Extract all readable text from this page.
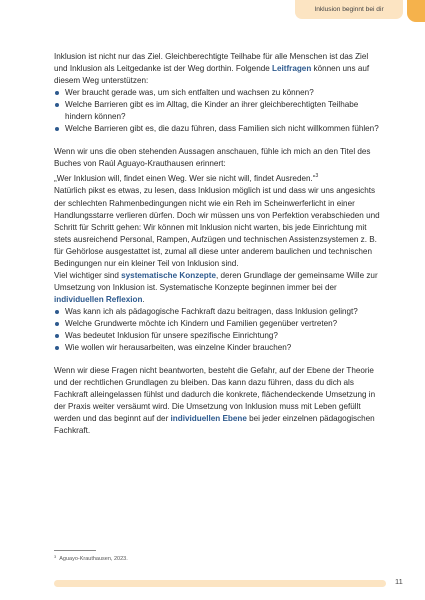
Inklusion beginnt bei dir

Inklusion ist nicht nur das Ziel. Gleichberechtigte Teilhabe für alle Menschen ist das Ziel und Inklusion als Leitgedanke ist der Weg dorthin. Folgende Leitfragen können uns auf diesem Weg unterstützen:

Wer braucht gerade was, um sich entfalten und wachsen zu können?
Welche Barrieren gibt es im Alltag, die Kinder an ihrer gleichberechtigten Teilhabe hindern können?
Welche Barrieren gibt es, die dazu führen, dass Familien sich nicht willkommen fühlen?

Wenn wir uns die oben stehenden Aussagen anschauen, fühle ich mich an den Titel des Buches von Raúl Aguayo-Krauthausen erinnert:

„Wer Inklusion will, findet einen Weg. Wer sie nicht will, findet Ausreden.“$^3$

Natürlich pikst es etwas, zu lesen, dass Inklusion möglich ist und dass wir uns angesichts der schlechten Rahmenbedingungen nicht wie ein Reh im Scheinwerferlicht in einer Handlungsstarre verlieren dürfen. Doch wir müssen uns von Perfektion verabschieden und Schritt für Schritt gehen: Wir können mit Inklusion nicht warten, bis jede Einrichtung mit stets ausreichend Personal, Rampen, Aufzügen und technischen Assistenzsystemen z. B. für Gehörlose ausgestattet ist, zumal all diese unter anderem baulichen und technischen Bedingungen nur ein kleiner Teil von Inklusion sind.

Viel wichtiger sind systematische Konzepte, deren Grundlage der gemeinsame Wille zur Umsetzung von Inklusion ist. Systematische Konzepte beginnen immer bei der individuellen Reflexion.

Was kann ich als pädagogische Fachkraft dazu beitragen, dass Inklusion gelingt?
Welche Grundwerte möchte ich Kindern und Familien gegenüber vertreten?
Was bedeutet Inklusion für unsere spezifische Einrichtung?
Wie wollen wir herausarbeiten, was einzelne Kinder brauchen?

Wenn wir diese Fragen nicht beantworten, besteht die Gefahr, auf der Ebene der Theorie und der rechtlichen Grundlagen zu bleiben. Das kann dazu führen, dass du dich als Fachkraft alleingelassen fühlst und dadurch die konkrete, flächendeckende Umsetzung in der Praxis weiter versäumt wird. Die Umsetzung von Inklusion muss mit Leben gefüllt werden und das beginnt auf der individuellen Ebene bei jeder einzelnen pädagogischen Fachkraft.

$^3$ Aguayo-Krauthausen, 2023.
11
